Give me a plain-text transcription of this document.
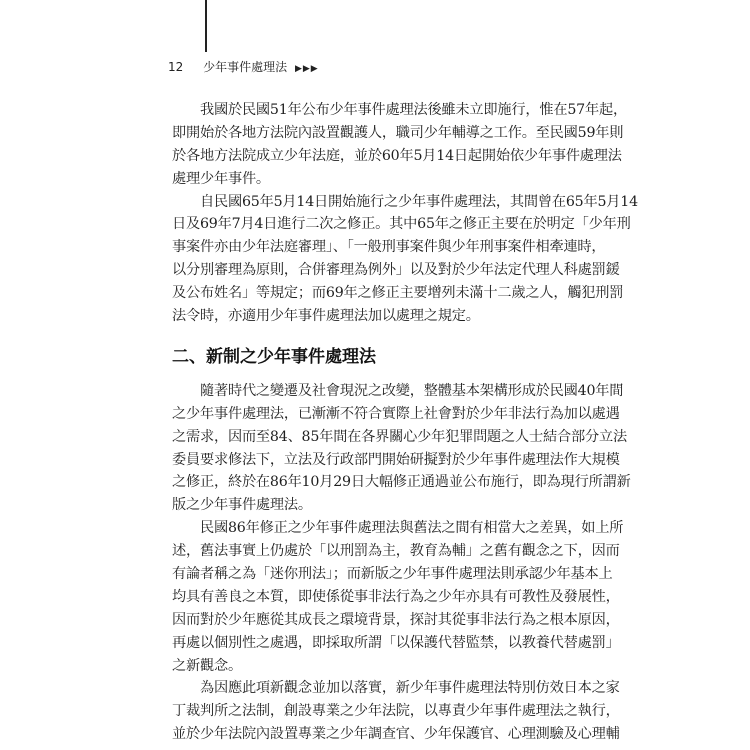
12 少年事件處理法 ▶▶▶
　　我國於民國51年公布少年事件處理法後雖未立即施行，惟在57年起，
即開始於各地方法院內設置觀護人，職司少年輔導之工作。至民國59年則
於各地方法院成立少年法庭，並於60年5月14日起開始依少年事件處理法
處理少年事件。
　　自民國65年5月14日開始施行之少年事件處理法，其間曾在65年5月14
日及69年7月4日進行二次之修正。其中65年之修正主要在於明定「少年刑
事案件亦由少年法庭審理」、「一般刑事案件與少年刑事案件相牽連時，
以分別審理為原則，合併審理為例外」以及對於少年法定代理人科處罰鍰
及公布姓名」等規定；而69年之修正主要增列未滿十二歲之人，觸犯刑罰
法令時，亦適用少年事件處理法加以處理之規定。
二、新制之少年事件處理法
　　隨著時代之變遷及社會現況之改變，整體基本架構形成於民國40年間
之少年事件處理法，已漸漸不符合實際上社會對於少年非法行為加以處遇
之需求，因而至84、85年間在各界關心少年犯罪問題之人士結合部分立法
委員要求修法下，立法及行政部門開始研擬對於少年事件處理法作大規模
之修正，終於在86年10月29日大幅修正通過並公布施行，即為現行所謂新
版之少年事件處理法。
　　民國86年修正之少年事件處理法與舊法之間有相當大之差異，如上所
述，舊法事實上仍處於「以刑罰為主，教育為輔」之舊有觀念之下，因而
有論者稱之為「迷你刑法」；而新版之少年事件處理法則承認少年基本上
均具有善良之本質，即使係從事非法行為之少年亦具有可教性及發展性，
因而對於少年應從其成長之環境背景，探討其從事非法行為之根本原因，
再處以個別性之處遇，即採取所謂「以保護代替監禁，以教養代替處罰」
之新觀念。
　　為因應此項新觀念並加以落實，新少年事件處理法特別仿效日本之家
丁裁判所之法制，創設專業之少年法院，以專責少年事件處理法之執行，
並於少年法院內設置專業之少年調查官、少年保護官、心理測驗及心理輔
